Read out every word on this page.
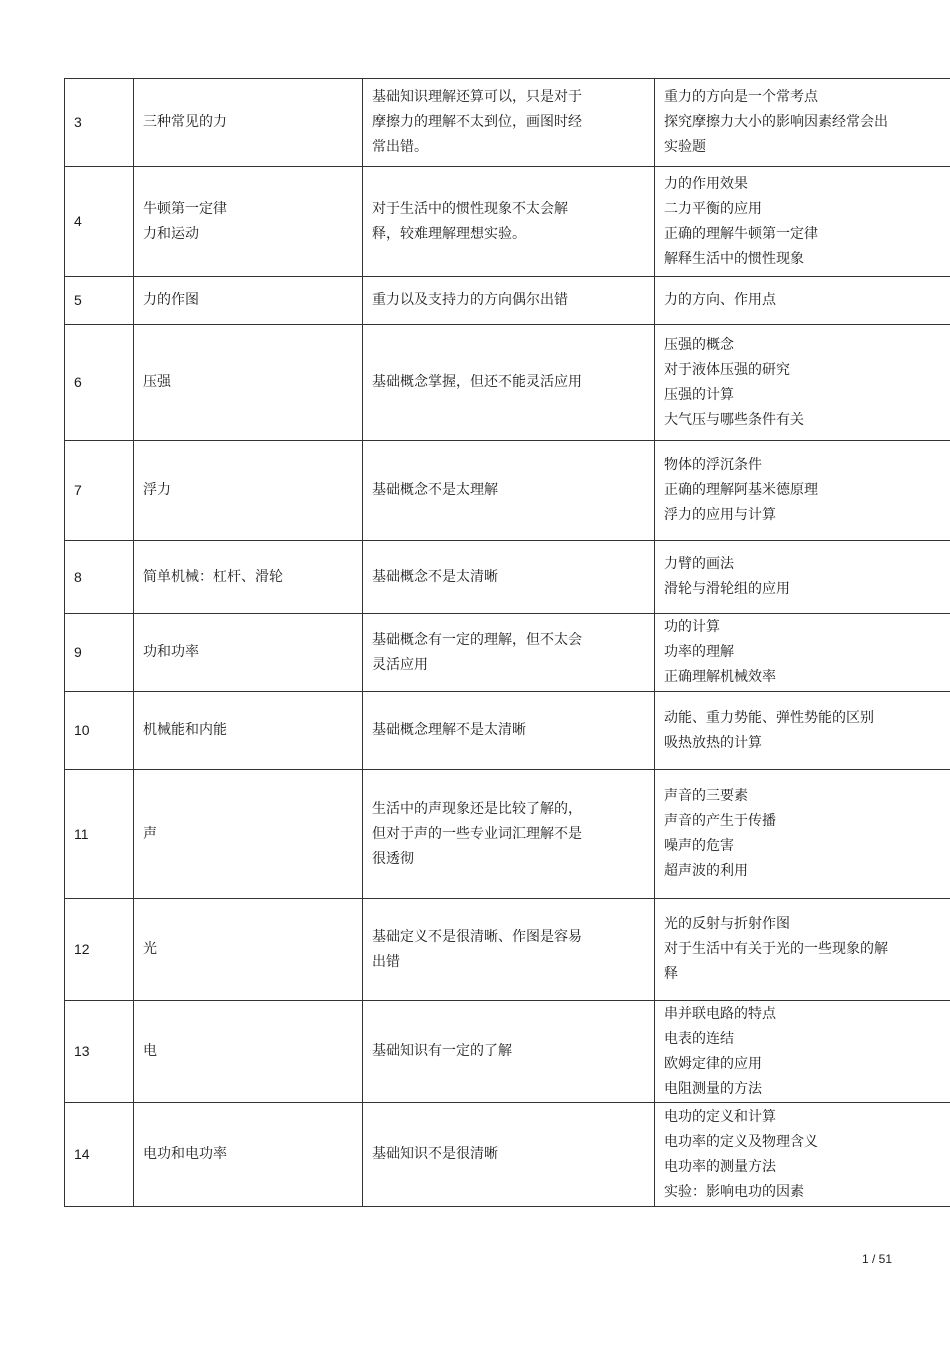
3	三种常见的力	基础知识理解还算可以，只是对于
摩擦力的理解不太到位，画图时经
常出错。	重力的方向是一个常考点
探究摩擦力大小的影响因素经常会出
实验题

4	牛顿第一定律
力和运动	对于生活中的惯性现象不太会解
释，较难理解理想实验。	力的作用效果
二力平衡的应用
正确的理解牛顿第一定律
解释生活中的惯性现象

5	力的作图	重力以及支持力的方向偶尔出错	力的方向、作用点

6	压强	基础概念掌握，但还不能灵活应用	压强的概念
对于液体压强的研究
压强的计算
大气压与哪些条件有关

7	浮力	基础概念不是太理解	物体的浮沉条件
正确的理解阿基米德原理
浮力的应用与计算

8	简单机械：杠杆、滑轮	基础概念不是太清晰	力臂的画法
滑轮与滑轮组的应用

9	功和功率	基础概念有一定的理解，但不太会
灵活应用	功的计算
功率的理解
正确理解机械效率

10	机械能和内能	基础概念理解不是太清晰	动能、重力势能、弹性势能的区别
吸热放热的计算

11	声	生活中的声现象还是比较了解的，
但对于声的一些专业词汇理解不是
很透彻	声音的三要素
声音的产生于传播
噪声的危害
超声波的利用

12	光	基础定义不是很清晰、作图是容易
出错	光的反射与折射作图
对于生活中有关于光的一些现象的解
释

13	电	基础知识有一定的了解	串并联电路的特点
电表的连结
欧姆定律的应用
电阻测量的方法

14	电功和电功率	基础知识不是很清晰	电功的定义和计算
电功率的定义及物理含义
电功率的测量方法
实验：影响电功的因素
1 / 51
